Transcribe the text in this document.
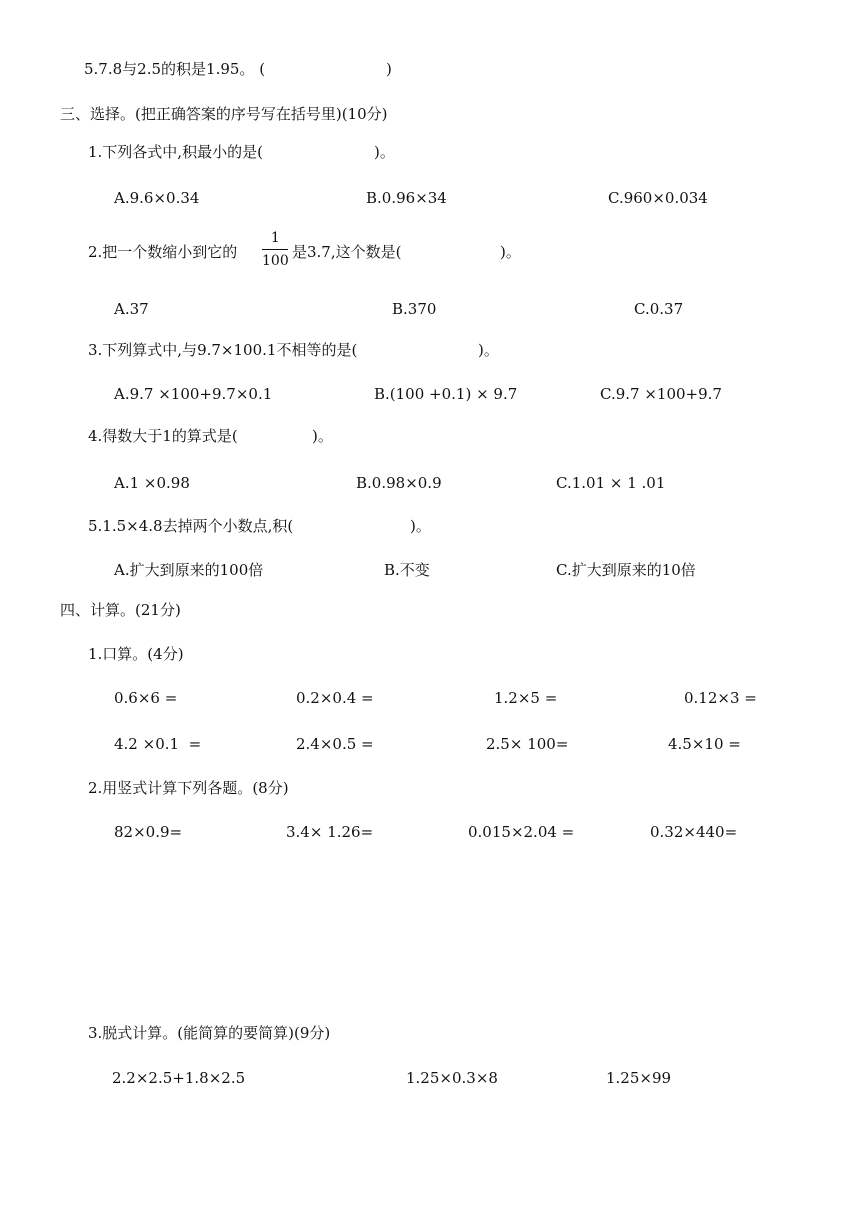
5.7.8与2.5的积是1.95。 (	)
三、选择。(把正确答案的序号写在括号里)(10分)
1.下列各式中,积最小的是(	)。
A.9.6×0.34	B.0.96×34	C.960×0.034
2.把一个数缩小到它的
1
100 是3.7,这个数是(	)。
A.37	B.370	C.0.37
3.下列算式中,与9.7×100.1不相等的是(	)。
A.9.7 ×100+9.7×0.1	B.(100 +0.1) × 9.7	C.9.7 ×100+9.7
4.得数大于1的算式是(	)。
A.1 ×0.98	B.0.98×0.9	C.1.01 × 1 .01
5.1.5×4.8去掉两个小数点,积(	)。
A.扩大到原来的100倍	B.不变	C.扩大到原来的10倍
四、计算。(21分)
1.口算。(4分)
0.6×6 =	0.2×0.4 =	1.2×5 =	0.12×3 =
4.2 ×0.1  =	2.4×0.5 =	2.5× 100=	4.5×10 =
2.用竖式计算下列各题。(8分)
82×0.9=	3.4× 1.26=	0.015×2.04 =	0.32×440=
3.脱式计算。(能简算的要简算)(9分)
2.2×2.5+1.8×2.5	1.25×0.3×8	1.25×99
